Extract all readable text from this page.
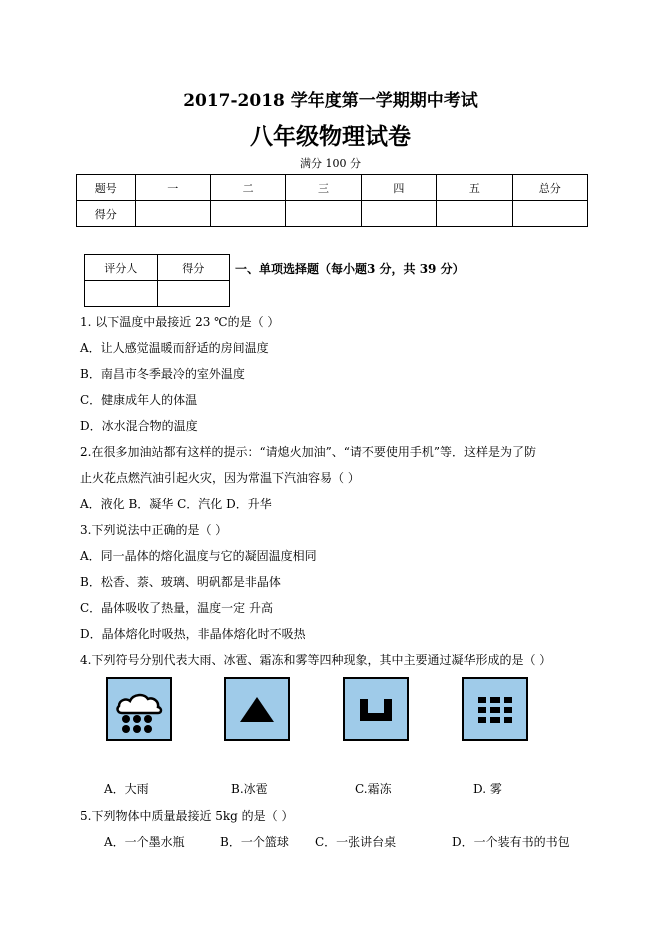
2017-2018 学年度第一学期期中考试
八年级物理试卷
满分 100 分
题号	一	二	三	四	五	总分
得分						
评分人	得分
		一、单项选择题（每小题3 分，共 39 分）
1. 以下温度中最接近 23 ℃的是（ ）
A．让人感觉温暖而舒适的房间温度
B．南昌市冬季最冷的室外温度
C．健康成年人的体温
D．冰水混合物的温度
2.在很多加油站都有这样的提示：“请熄火加油”、“请不要使用手机”等．这样是为了防
止火花点燃汽油引起火灾，因为常温下汽油容易（ ）
A．液化 B．凝华 C．汽化 D．升华
3.下列说法中正确的是（ ）
A．同一晶体的熔化温度与它的凝固温度相同
B．松香、萘、玻璃、明矾都是非晶体
C．晶体吸收了热量，温度一定 升高
D．晶体熔化时吸热，非晶体熔化时不吸热
4.下列符号分别代表大雨、冰雹、霜冻和雾等四种现象，其中主要通过凝华形成的是（ ）
A．大雨	B.冰雹	C.霜冻	D. 雾
5.下列物体中质量最接近 5kg 的是（ ）
A．一个墨水瓶	B．一个篮球 C．一张讲台桌	D．一个装有书的书包
